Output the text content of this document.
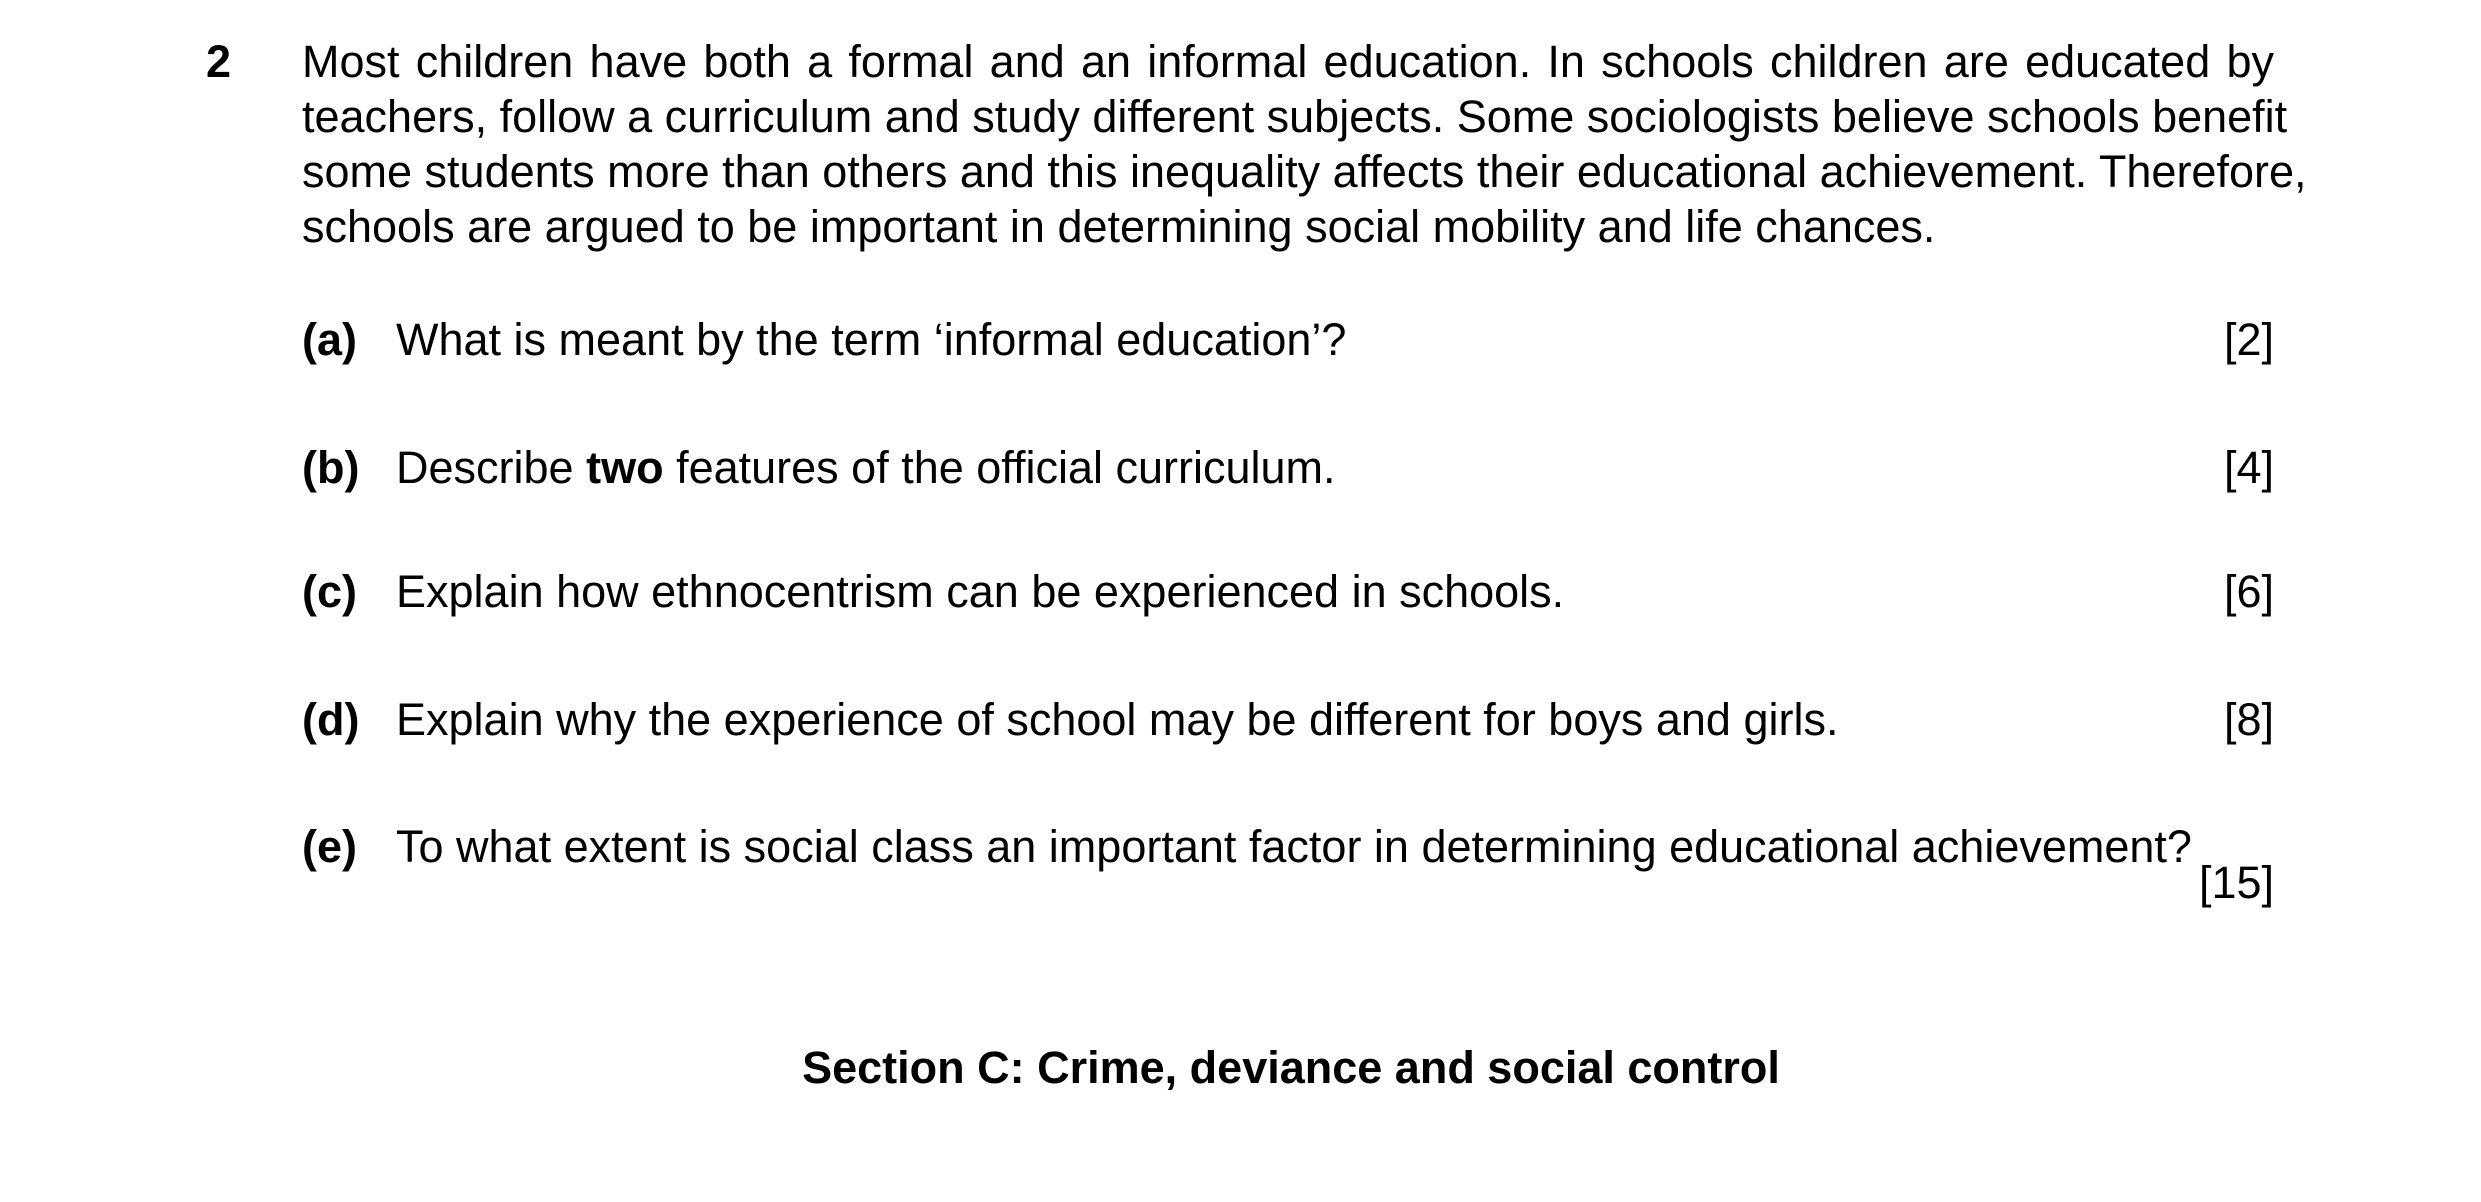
2 Most children have both a formal and an informal education. In schools children are educated by
teachers, follow a curriculum and study different subjects. Some sociologists believe schools benefit
some students more than others and this inequality affects their educational achievement. Therefore,
schools are argued to be important in determining social mobility and life chances.

(a) What is meant by the term ‘informal education’?	[2]
(b) Describe two features of the official curriculum.	[4]
(c) Explain how ethnocentrism can be experienced in schools.	[6]
(d) Explain why the experience of school may be different for boys and girls.	[8]
(e) To what extent is social class an important factor in determining educational achievement?
[15]
Section C: Crime, deviance and social control
